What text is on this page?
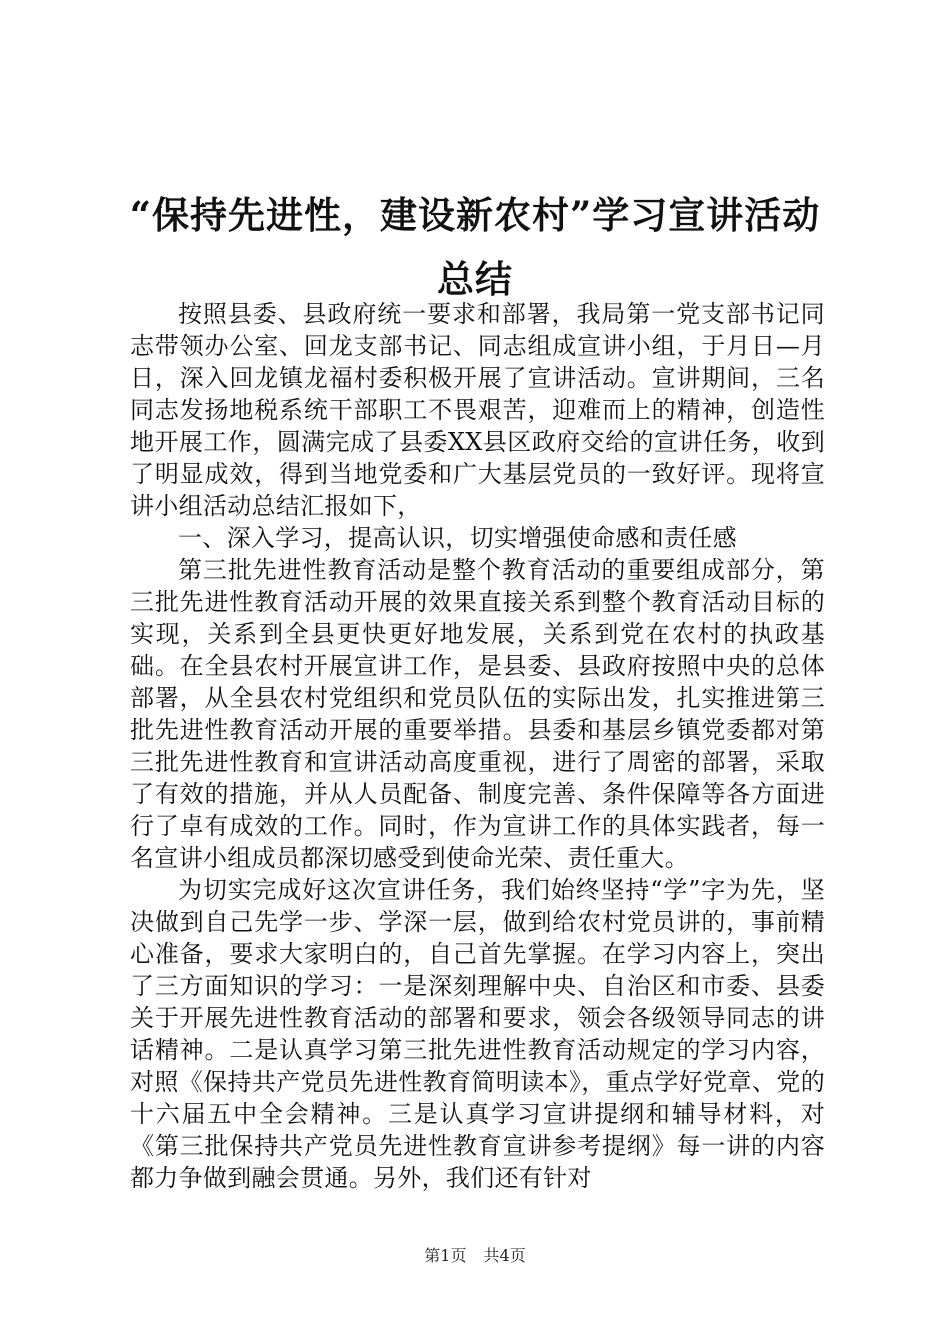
“保持先进性，建设新农村”学习宣讲活动总结

按照县委、县政府统一要求和部署，我局第一党支部书记同志带领办公室、回龙支部书记、同志组成宣讲小组，于月日—月日，深入回龙镇龙福村委积极开展了宣讲活动。宣讲期间，三名同志发扬地税系统干部职工不畏艰苦，迎难而上的精神，创造性地开展工作，圆满完成了县委XX县区政府交给的宣讲任务，收到了明显成效，得到当地党委和广大基层党员的一致好评。现将宣讲小组活动总结汇报如下，

一、深入学习，提高认识，切实增强使命感和责任感

第三批先进性教育活动是整个教育活动的重要组成部分，第三批先进性教育活动开展的效果直接关系到整个教育活动目标的实现，关系到全县更快更好地发展，关系到党在农村的执政基础。在全县农村开展宣讲工作，是县委、县政府按照中央的总体部署，从全县农村党组织和党员队伍的实际出发，扎实推进第三批先进性教育活动开展的重要举措。县委和基层乡镇党委都对第三批先进性教育和宣讲活动高度重视，进行了周密的部署，采取了有效的措施，并从人员配备、制度完善、条件保障等各方面进行了卓有成效的工作。同时，作为宣讲工作的具体实践者，每一名宣讲小组成员都深切感受到使命光荣、责任重大。

为切实完成好这次宣讲任务，我们始终坚持“学”字为先，坚决做到自己先学一步、学深一层，做到给农村党员讲的，事前精心准备，要求大家明白的，自己首先掌握。在学习内容上，突出了三方面知识的学习：一是深刻理解中央、自治区和市委、县委关于开展先进性教育活动的部署和要求，领会各级领导同志的讲话精神。二是认真学习第三批先进性教育活动规定的学习内容，对照《保持共产党员先进性教育简明读本》，重点学好党章、党的十六届五中全会精神。三是认真学习宣讲提纲和辅导材料，对《第三批保持共产党员先进性教育宣讲参考提纲》每一讲的内容都力争做到融会贯通。另外，我们还有针对

第1页 共4页
